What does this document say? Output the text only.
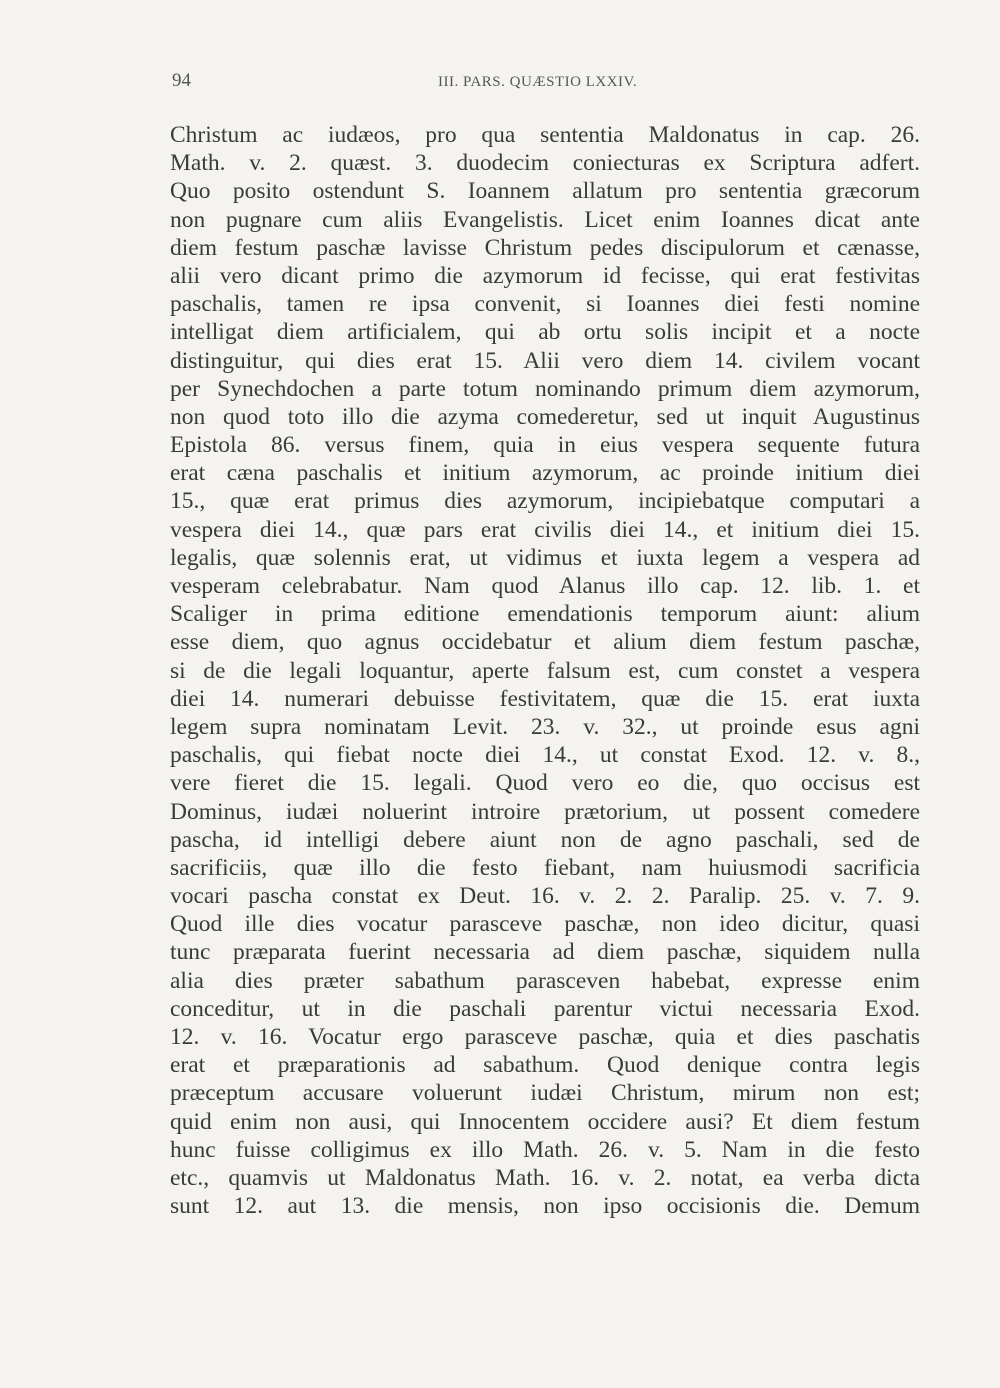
94	III. PARS. QUÆSTIO LXXIV.
Christum ac iudæos, pro qua sententia Maldonatus in cap. 26.
Math. v. 2. quæst. 3. duodecim coniecturas ex Scriptura adfert.
Quo posito ostendunt S. Ioannem allatum pro sententia græcorum
non pugnare cum aliis Evangelistis. Licet enim Ioannes dicat ante
diem festum paschæ lavisse Christum pedes discipulorum et cænasse,
alii vero dicant primo die azymorum id fecisse, qui erat festivitas
paschalis, tamen re ipsa convenit, si Ioannes diei festi nomine
intelligat diem artificialem, qui ab ortu solis incipit et a nocte
distinguitur, qui dies erat 15. Alii vero diem 14. civilem vocant
per Synechdochen a parte totum nominando primum diem azymorum,
non quod toto illo die azyma comederetur, sed ut inquit Augustinus
Epistola 86. versus finem, quia in eius vespera sequente futura
erat cæna paschalis et initium azymorum, ac proinde initium diei
15., quæ erat primus dies azymorum, incipiebatque computari a
vespera diei 14., quæ pars erat civilis diei 14., et initium diei 15.
legalis, quæ solennis erat, ut vidimus et iuxta legem a vespera ad
vesperam celebrabatur. Nam quod Alanus illo cap. 12. lib. 1. et
Scaliger in prima editione emendationis temporum aiunt: alium
esse diem, quo agnus occidebatur et alium diem festum paschæ,
si de die legali loquantur, aperte falsum est, cum constet a vespera
diei 14. numerari debuisse festivitatem, quæ die 15. erat iuxta
legem supra nominatam Levit. 23. v. 32., ut proinde esus agni
paschalis, qui fiebat nocte diei 14., ut constat Exod. 12. v. 8.,
vere fieret die 15. legali. Quod vero eo die, quo occisus est
Dominus, iudæi noluerint introire prætorium, ut possent comedere
pascha, id intelligi debere aiunt non de agno paschali, sed de
sacrificiis, quæ illo die festo fiebant, nam huiusmodi sacrificia
vocari pascha constat ex Deut. 16. v. 2. 2. Paralip. 25. v. 7. 9.
Quod ille dies vocatur parasceve paschæ, non ideo dicitur, quasi
tunc præparata fuerint necessaria ad diem paschæ, siquidem nulla
alia dies præter sabathum parasceven habebat, expresse enim
conceditur, ut in die paschali parentur victui necessaria Exod.
12. v. 16. Vocatur ergo parasceve paschæ, quia et dies paschatis
erat et præparationis ad sabathum. Quod denique contra legis
præceptum accusare voluerunt iudæi Christum, mirum non est;
quid enim non ausi, qui Innocentem occidere ausi? Et diem festum
hunc fuisse colligimus ex illo Math. 26. v. 5. Nam in die festo
etc., quamvis ut Maldonatus Math. 16. v. 2. notat, ea verba dicta
sunt 12. aut 13. die mensis, non ipso occisionis die. Demum
